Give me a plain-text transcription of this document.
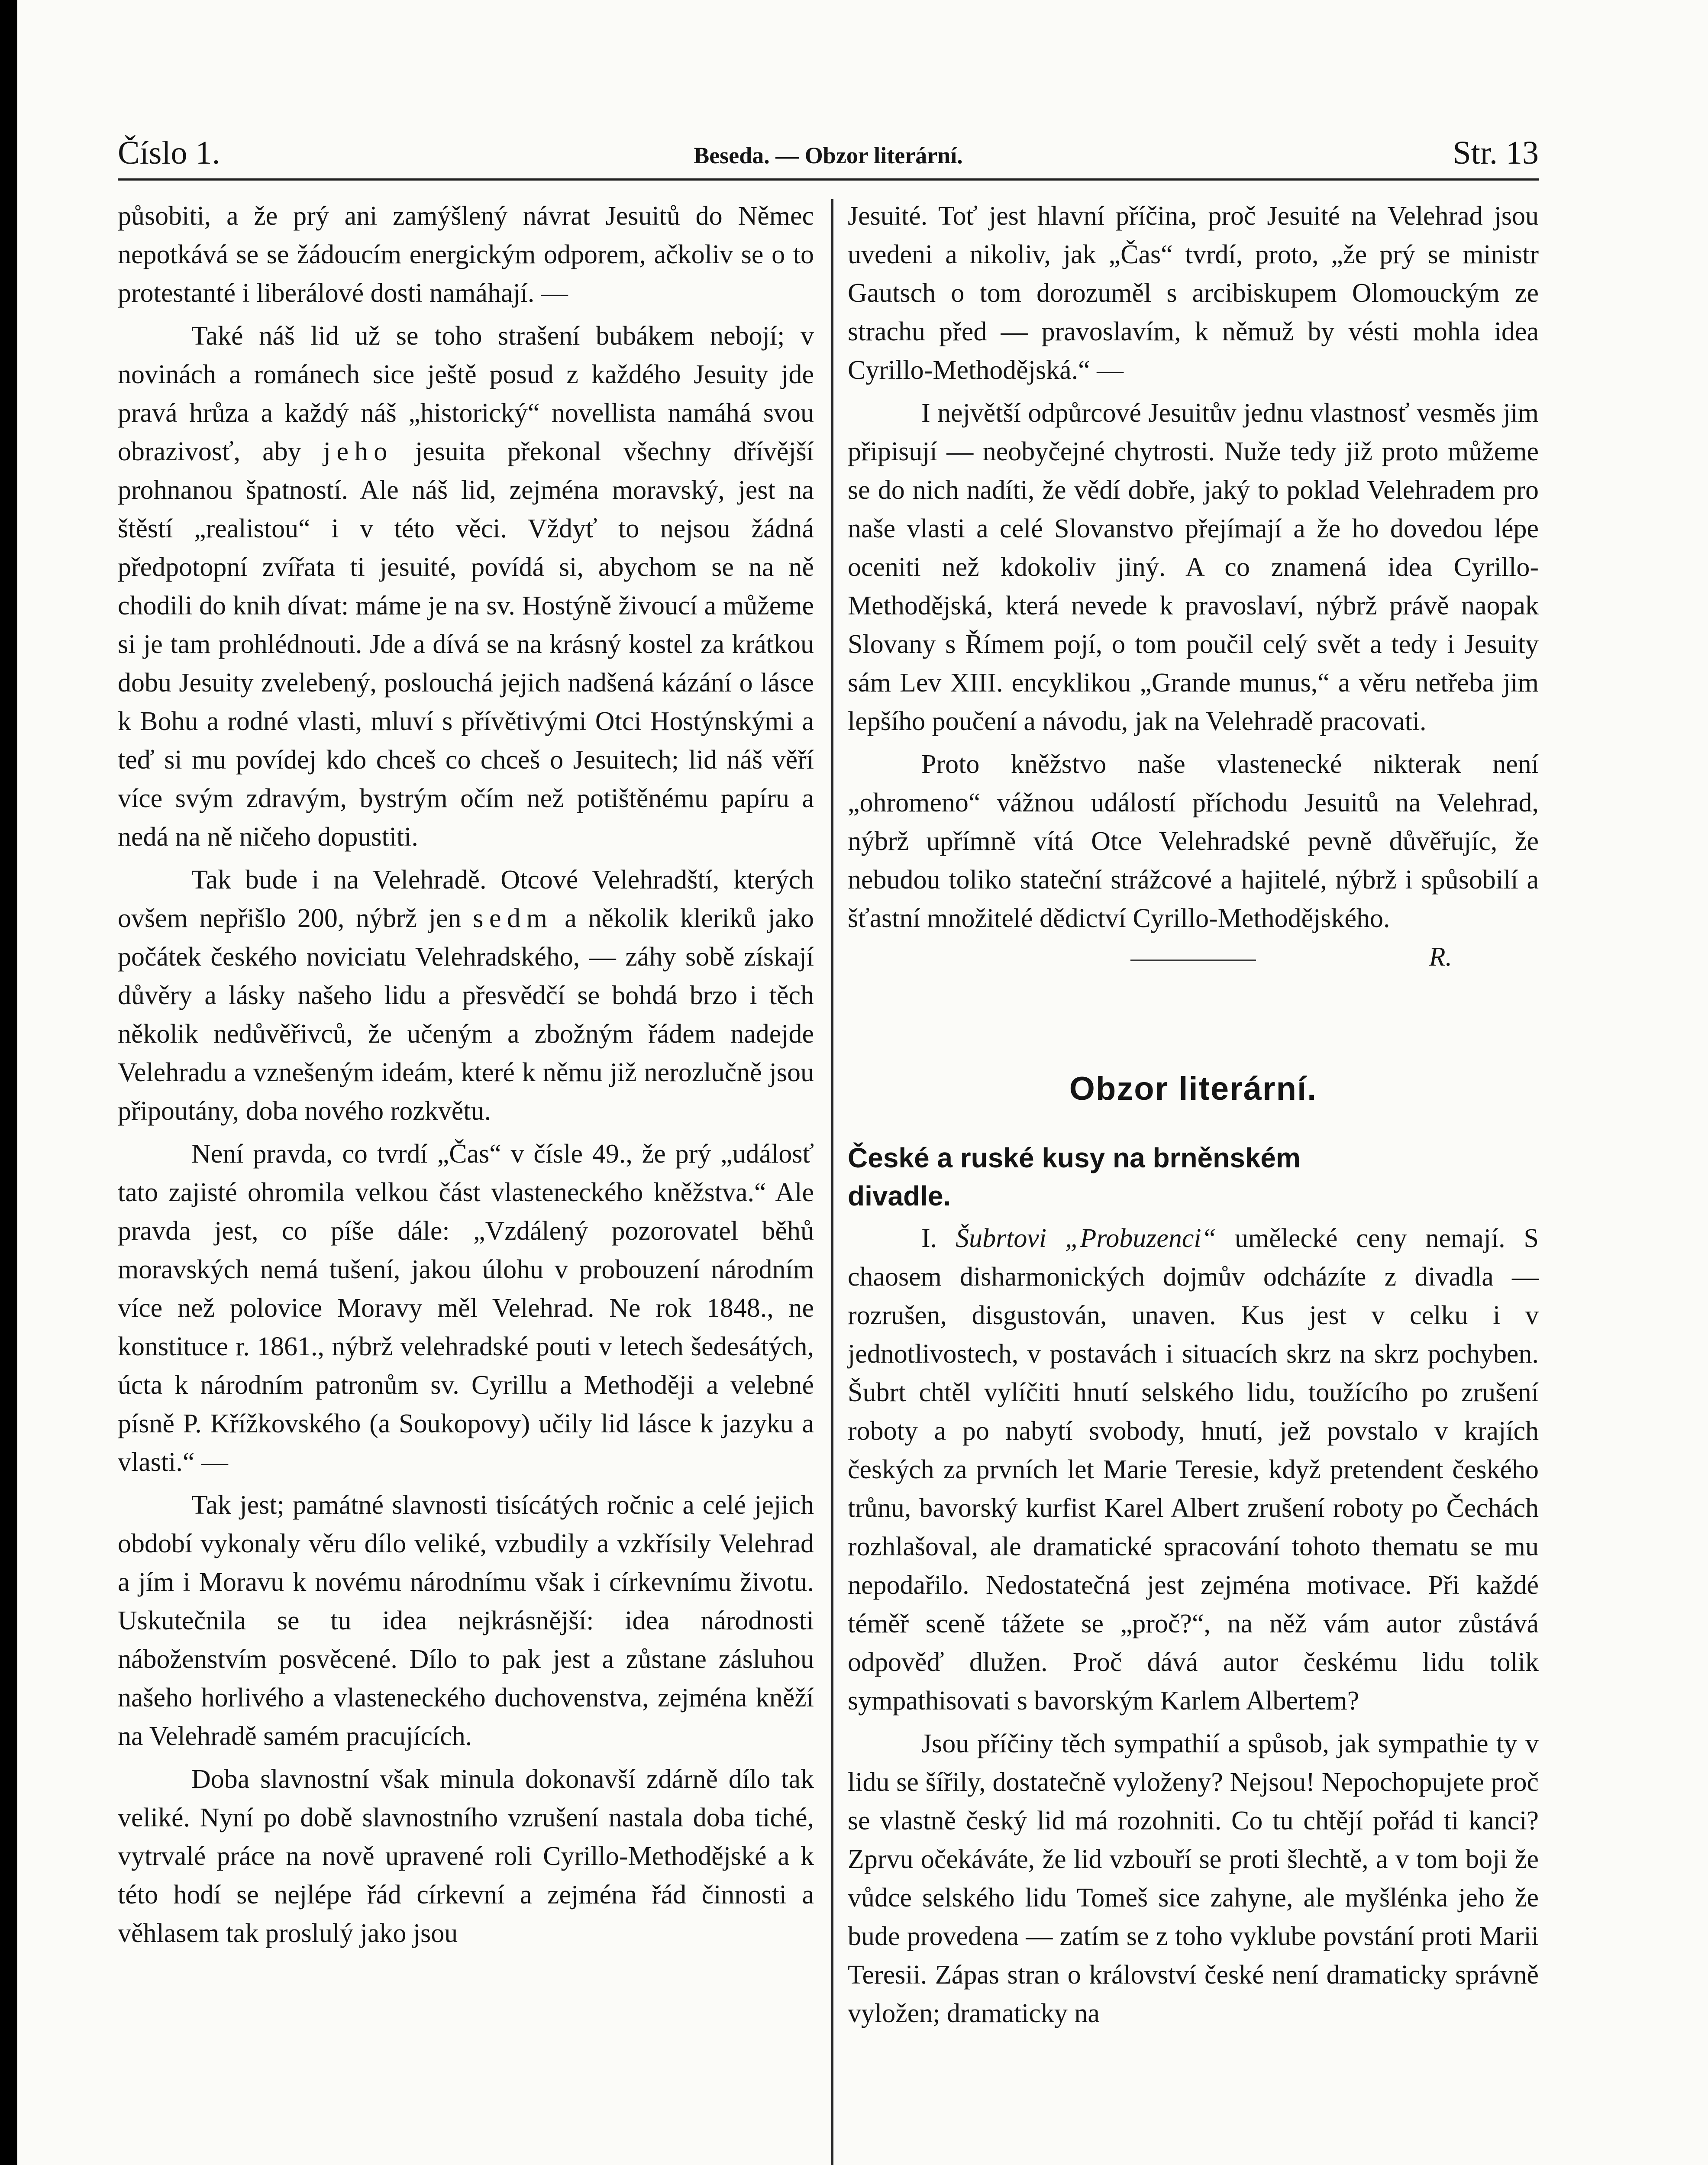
Číslo 1.	Beseda. — Obzor literární.	Str. 13

působiti, a že prý ani zamýšlený návrat Jesuitů do Němec nepotkává se se žádoucím energickým odporem, ačkoliv se o to protestanté i liberálové dosti namáhají. —

Také náš lid už se toho strašení bubákem nebojí; v novinách a románech sice ještě posud z každého Jesuity jde pravá hrůza a každý náš „historický“ novellista namáhá svou obrazivosť, aby jeho jesuita překonal všechny dřívější prohnanou špatností. Ale náš lid, zejména moravský, jest na štěstí „realistou“ i v této věci. Vždyť to nejsou žádná předpotopní zvířata ti jesuité, povídá si, abychom se na ně chodili do knih dívat: máme je na sv. Hostýně živoucí a můžeme si je tam prohlédnouti. Jde a dívá se na krásný kostel za krátkou dobu Jesuity zvelebený, poslouchá jejich nadšená kázání o lásce k Bohu a rodné vlasti, mluví s přívětivými Otci Hostýnskými a teď si mu povídej kdo chceš co chceš o Jesuitech; lid náš věří více svým zdravým, bystrým očím než potištěnému papíru a nedá na ně ničeho dopustiti.

Tak bude i na Velehradě. Otcové Velehradští, kterých ovšem nepřišlo 200, nýbrž jen sedm a několik kleriků jako počátek českého noviciatu Velehradského, — záhy sobě získají důvěry a lásky našeho lidu a přesvědčí se bohdá brzo i těch několik nedůvěřivců, že učeným a zbožným řádem nadejde Velehradu a vznešeným ideám, které k němu již nerozlučně jsou připoutány, doba nového rozkvětu.

Není pravda, co tvrdí „Čas“ v čísle 49., že prý „událosť tato zajisté ohromila velkou část vlasteneckého kněžstva.“ Ale pravda jest, co píše dále: „Vzdálený pozorovatel běhů moravských nemá tušení, jakou úlohu v probouzení národním více než polovice Moravy měl Velehrad. Ne rok 1848., ne konstituce r. 1861., nýbrž velehradské pouti v letech šedesátých, úcta k národním patronům sv. Cyrillu a Methoději a velebné písně P. Křížkovského (a Soukopovy) učily lid lásce k jazyku a vlasti.“ —

Tak jest; památné slavnosti tisícátých ročnic a celé jejich období vykonaly věru dílo veliké, vzbudily a vzkřísily Velehrad a jím i Moravu k novému národnímu však i církevnímu životu. Uskutečnila se tu idea nejkrásnější: idea národnosti náboženstvím posvěcené. Dílo to pak jest a zůstane zásluhou našeho horlivého a vlasteneckého duchovenstva, zejména kněží na Velehradě samém pracujících.

Doba slavnostní však minula dokonavší zdárně dílo tak veliké. Nyní po době slavnostního vzrušení nastala doba tiché, vytrvalé práce na nově upravené roli Cyrillo-Methodějské a k této hodí se nejlépe řád církevní a zejména řád činnosti a věhlasem tak proslulý jako jsou

Jesuité. Toť jest hlavní příčina, proč Jesuité na Velehrad jsou uvedeni a nikoliv, jak „Čas“ tvrdí, proto, „že prý se ministr Gautsch o tom dorozuměl s arcibiskupem Olomouckým ze strachu před — pravoslavím, k němuž by vésti mohla idea Cyrillo-Methodějská.“ —

I největší odpůrcové Jesuitův jednu vlastnosť vesměs jim připisují — neobyčejné chytrosti. Nuže tedy již proto můžeme se do nich nadíti, že vědí dobře, jaký to poklad Velehradem pro naše vlasti a celé Slovanstvo přejímají a že ho dovedou lépe oceniti než kdokoliv jiný. A co znamená idea Cyrillo-Methodějská, která nevede k pravoslaví, nýbrž právě naopak Slovany s Římem pojí, o tom poučil celý svět a tedy i Jesuity sám Lev XIII. encyklikou „Grande munus,“ a věru netřeba jim lepšího poučení a návodu, jak na Velehradě pracovati.

Proto kněžstvo naše vlastenecké nikterak není „ohromeno“ vážnou událostí příchodu Jesuitů na Velehrad, nýbrž upřímně vítá Otce Velehradské pevně důvěřujíc, že nebudou toliko stateční strážcové a hajitelé, nýbrž i spůsobilí a šťastní množitelé dědictví Cyrillo-Methodějského.
R.

Obzor literární.
České a ruské kusy na brněnském
divadle.

I. Šubrtovi „Probuzenci“ umělecké ceny nemají. S chaosem disharmonických dojmův odcházíte z divadla — rozrušen, disgustován, unaven. Kus jest v celku i v jednotlivostech, v postavách i situacích skrz na skrz pochyben. Šubrt chtěl vylíčiti hnutí selského lidu, toužícího po zrušení roboty a po nabytí svobody, hnutí, jež povstalo v krajích českých za prvních let Marie Teresie, když pretendent českého trůnu, bavorský kurfist Karel Albert zrušení roboty po Čechách rozhlašoval, ale dramatické spracování tohoto thematu se mu nepodařilo. Nedostatečná jest zejména motivace. Při každé téměř sceně tážete se „proč?“, na něž vám autor zůstává odpověď dlužen. Proč dává autor českému lidu tolik sympathisovati s bavorským Karlem Albertem?

Jsou příčiny těch sympathií a spůsob, jak sympathie ty v lidu se šířily, dostatečně vyloženy? Nejsou! Nepochopujete proč se vlastně český lid má rozohniti. Co tu chtějí pořád ti kanci? Zprvu očekáváte, že lid vzbouří se proti šlechtě, a v tom boji že vůdce selského lidu Tomeš sice zahyne, ale myšlénka jeho že bude provedena — zatím se z toho vyklube povstání proti Marii Teresii. Zápas stran o království české není dramaticky správně vyložen; dramaticky na
